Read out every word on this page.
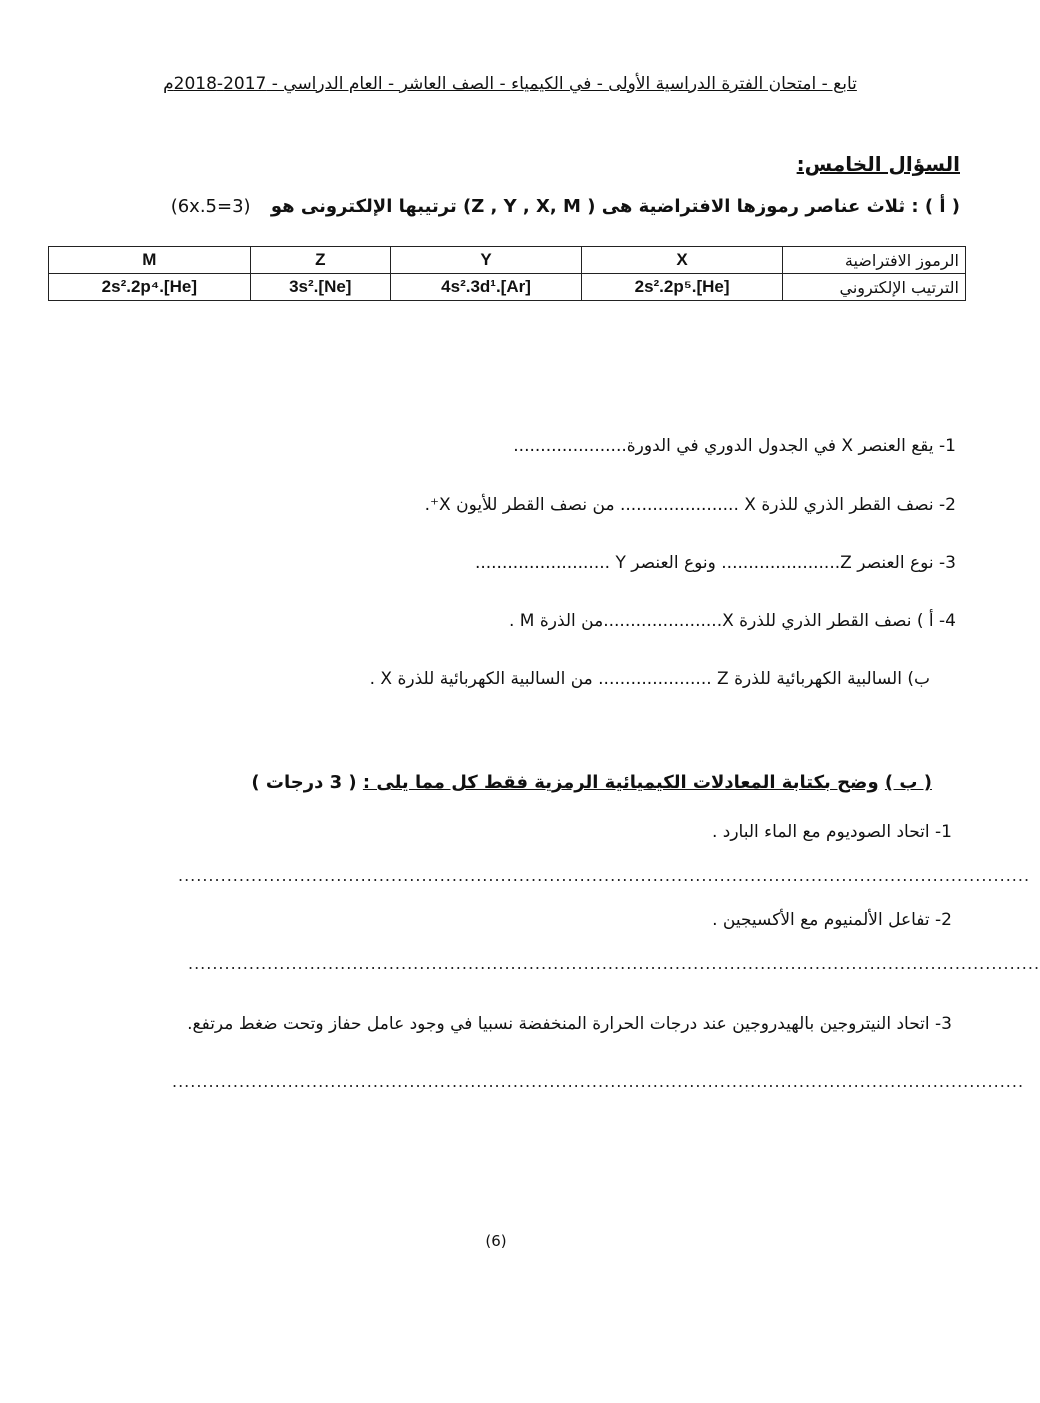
تابع - امتحان الفترة الدراسية الأولى - في الكيمياء - الصف العاشر - العام الدراسي - 2017-2018م
السؤال الخامس:
( أ ) : ثلاث عناصر رموزها الافتراضية هى ( Z , Y , X, M) ترتيبها الإلكترونى هو (6x.5=3)
الرموز الافتراضية	X	Y	Z	M
الترتيب الإلكتروني	[He].2s².2p⁵	[Ar].4s².3d¹	[Ne].3s²	[He].2s².2p⁴
1- يقع العنصر X في الجدول الدوري في الدورة.....................
2- نصف القطر الذري للذرة X ...................... من نصف القطر للأيون X⁺.
3- نوع العنصر Z...................... ونوع العنصر Y .........................
4- أ ) نصف القطر الذري للذرة X......................من الذرة M .
ب) السالبية الكهربائية للذرة Z ..................... من السالبية الكهربائية للذرة X .
( ب ) وضح بكتابة المعادلات الكيميائية الرمزية فقط كل مما يلى : ( 3 درجات )
1- اتحاد الصوديوم مع الماء البارد .
............................................................................................................................................
2- تفاعل الألمنيوم مع الأكسيجين .
............................................................................................................................................
3- اتحاد النيتروجين بالهيدروجين عند درجات الحرارة المنخفضة نسبيا في وجود عامل حفاز وتحت ضغط مرتفع.
............................................................................................................................................
(6)
